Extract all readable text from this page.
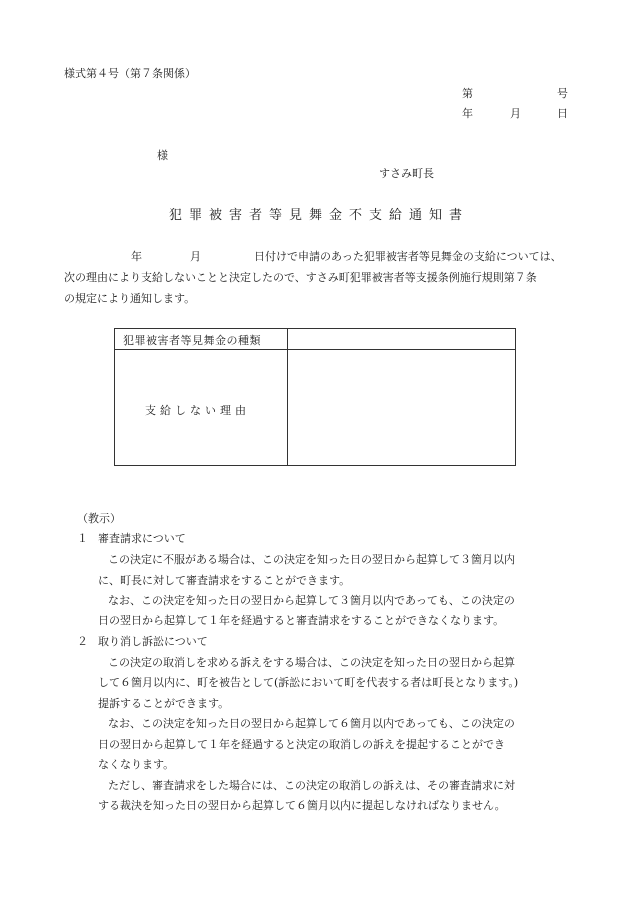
様式第４号（第７条関係）
第	号
年	月	日
様
すさみ町長
犯罪被害者等見舞金不支給通知書
年	月	日付けで申請のあった犯罪被害者等見舞金の支給については、
次の理由により支給しないことと決定したので、すさみ町犯罪被害者等支援条例施行規則第７条
の規定により通知します。
犯罪被害者等見舞金の種類
支給しない理由
（教示）
１ 審査請求について
この決定に不服がある場合は、この決定を知った日の翌日から起算して３箇月以内
に、町長に対して審査請求をすることができます。
なお、この決定を知った日の翌日から起算して３箇月以内であっても、この決定の
日の翌日から起算して１年を経過すると審査請求をすることができなくなります。
２ 取り消し訴訟について
この決定の取消しを求める訴えをする場合は、この決定を知った日の翌日から起算
して６箇月以内に、町を被告として(訴訟において町を代表する者は町長となります。)
提訴することができます。
なお、この決定を知った日の翌日から起算して６箇月以内であっても、この決定の
日の翌日から起算して１年を経過すると決定の取消しの訴えを提起することができ
なくなります。
ただし、審査請求をした場合には、この決定の取消しの訴えは、その審査請求に対
する裁決を知った日の翌日から起算して６箇月以内に提起しなければなりません。
